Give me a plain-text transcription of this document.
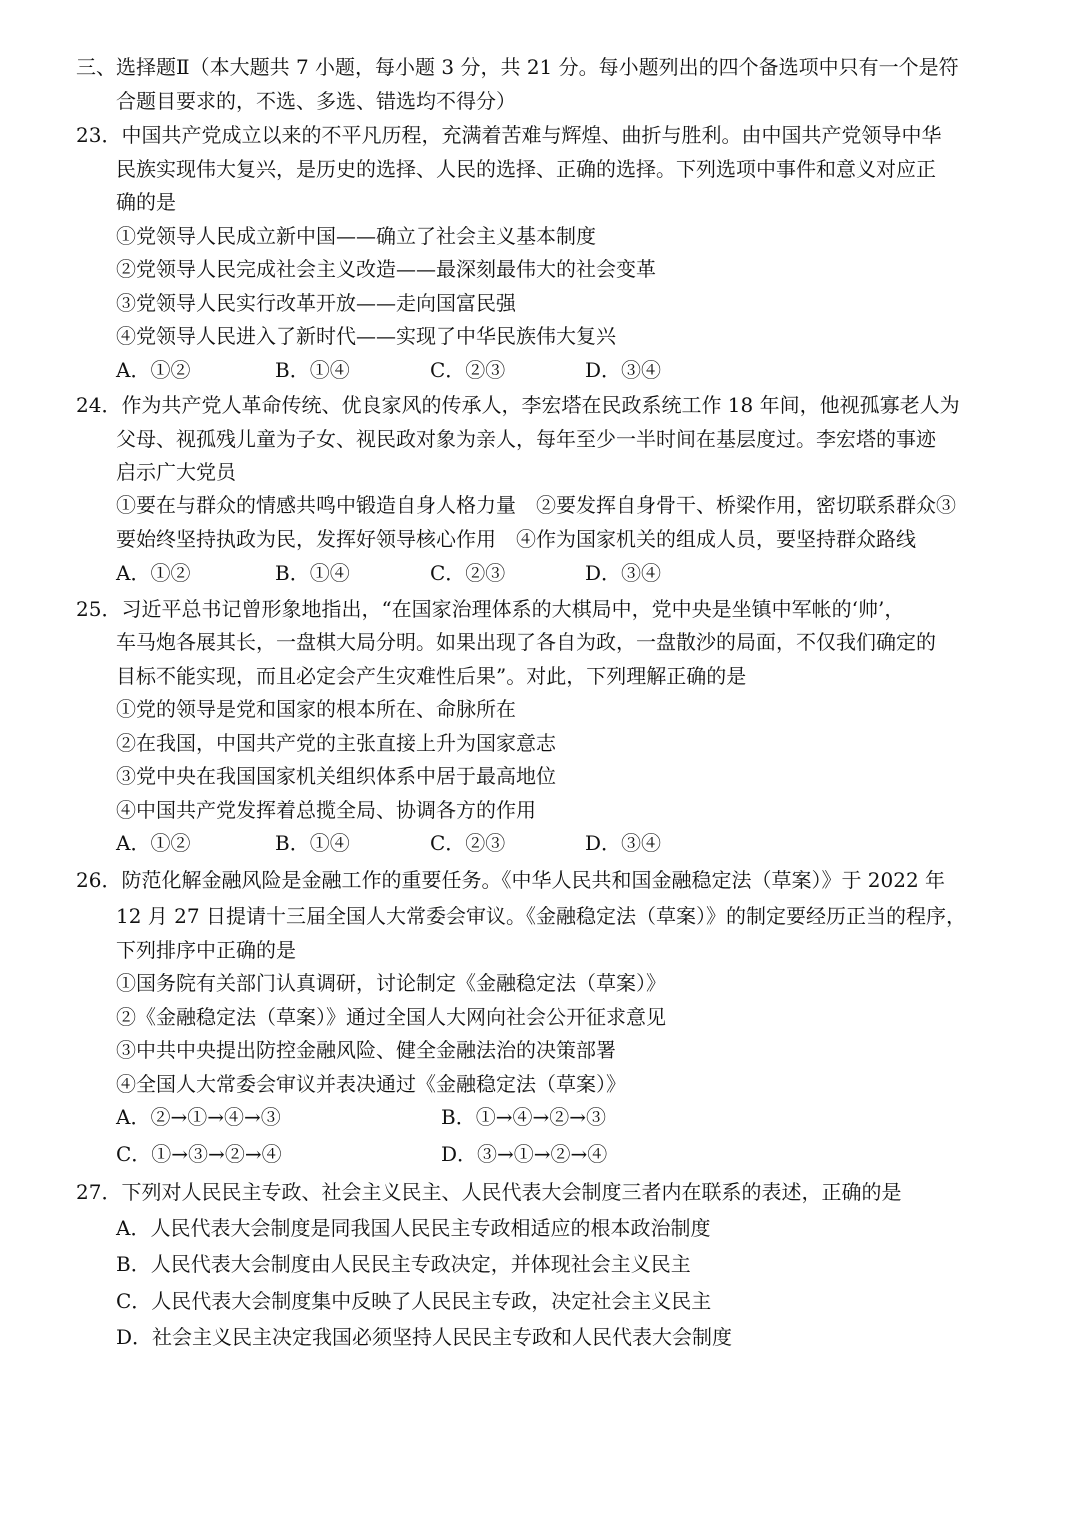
三、选择题Ⅱ（本大题共 7 小题，每小题 3 分，共 21 分。每小题列出的四个备选项中只有一个是符
合题目要求的，不选、多选、错选均不得分）
23．中国共产党成立以来的不平凡历程，充满着苦难与辉煌、曲折与胜利。由中国共产党领导中华
民族实现伟大复兴，是历史的选择、人民的选择、正确的选择。下列选项中事件和意义对应正
确的是
①党领导人民成立新中国——确立了社会主义基本制度
②党领导人民完成社会主义改造——最深刻最伟大的社会变革
③党领导人民实行改革开放——走向国富民强
④党领导人民进入了新时代——实现了中华民族伟大复兴
A．①②	B．①④	C．②③	D．③④
24．作为共产党人革命传统、优良家风的传承人，李宏塔在民政系统工作 18 年间，他视孤寡老人为
父母、视孤残儿童为子女、视民政对象为亲人，每年至少一半时间在基层度过。李宏塔的事迹
启示广大党员
①要在与群众的情感共鸣中锻造自身人格力量　②要发挥自身骨干、桥梁作用，密切联系群众③
要始终坚持执政为民，发挥好领导核心作用　④作为国家机关的组成人员，要坚持群众路线
A．①②	B．①④	C．②③	D．③④
25．习近平总书记曾形象地指出，“在国家治理体系的大棋局中，党中央是坐镇中军帐的‘帅’，
车马炮各展其长，一盘棋大局分明。如果出现了各自为政，一盘散沙的局面，不仅我们确定的
目标不能实现，而且必定会产生灾难性后果”。对此，下列理解正确的是
①党的领导是党和国家的根本所在、命脉所在
②在我国，中国共产党的主张直接上升为国家意志
③党中央在我国国家机关组织体系中居于最高地位
④中国共产党发挥着总揽全局、协调各方的作用
A．①②	B．①④	C．②③	D．③④
26．防范化解金融风险是金融工作的重要任务。《中华人民共和国金融稳定法（草案）》于 2022 年
12 月 27 日提请十三届全国人大常委会审议。《金融稳定法（草案）》的制定要经历正当的程序，
下列排序中正确的是
①国务院有关部门认真调研，讨论制定《金融稳定法（草案）》
②《金融稳定法（草案）》通过全国人大网向社会公开征求意见
③中共中央提出防控金融风险、健全金融法治的决策部署
④全国人大常委会审议并表决通过《金融稳定法（草案）》
A．②→①→④→③	B．①→④→②→③
C．①→③→②→④	D．③→①→②→④
27．下列对人民民主专政、社会主义民主、人民代表大会制度三者内在联系的表述，正确的是
A．人民代表大会制度是同我国人民民主专政相适应的根本政治制度
B．人民代表大会制度由人民民主专政决定，并体现社会主义民主
C．人民代表大会制度集中反映了人民民主专政，决定社会主义民主
D．社会主义民主决定我国必须坚持人民民主专政和人民代表大会制度
